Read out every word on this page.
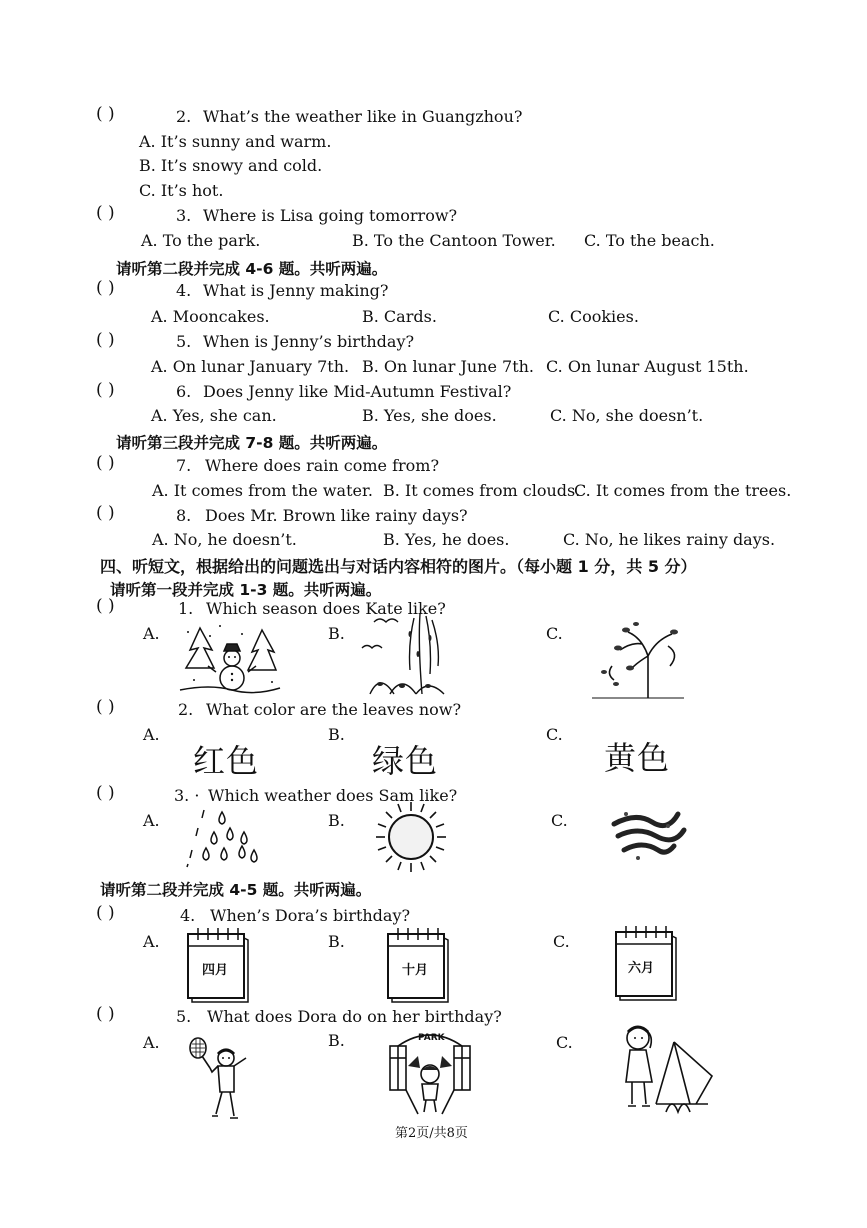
( )	2. What’s the weather like in Guangzhou?
A. It’s sunny and warm.
B. It’s snowy and cold.
C. It’s hot.
( )	3. Where is Lisa going tomorrow?
A. To the park.	B. To the Cantoon Tower. C. To the beach.
请听第二段并完成 4-6 题。共听两遍。
( )	4. What is Jenny making?
A. Mooncakes.	B. Cards.	C. Cookies.
( )	5. When is Jenny’s birthday?
A. On lunar January 7th. B. On lunar June 7th. C. On lunar August 15th.
( )	6. Does Jenny like Mid-Autumn Festival?
A. Yes, she can.	B. Yes, she does.	C. No, she doesn’t.
请听第三段并完成 7-8 题。共听两遍。
( )	7. Where does rain come from?
A. It comes from the water. B. It comes from clouds.
C. It comes from the trees.
( )	8. Does Mr. Brown like rainy days?
A. No, he doesn’t.	B. Yes, he does.	C. No, he likes rainy days.
四、听短文，根据给出的问题选出与对话内容相符的图片。（每小题 1 分，共 5 分）
请听第一段并完成 1-3 题。共听两遍。
( )	1. Which season does Kate like?
A.	B.	C.
( )	2. What color are the leaves now?
A.	B.	C.
红色	绿色	黄色
( )	3. · Which weather does Sam like?
A.	B.	C.
请听第二段并完成 4-5 题。共听两遍。
( )	4. When’s Dora’s birthday?
A.	B.	C.
四月	十月	六月
( )	5. What does Dora do on her birthday?
A.	B.	C.
PARK
第2页/共8页
